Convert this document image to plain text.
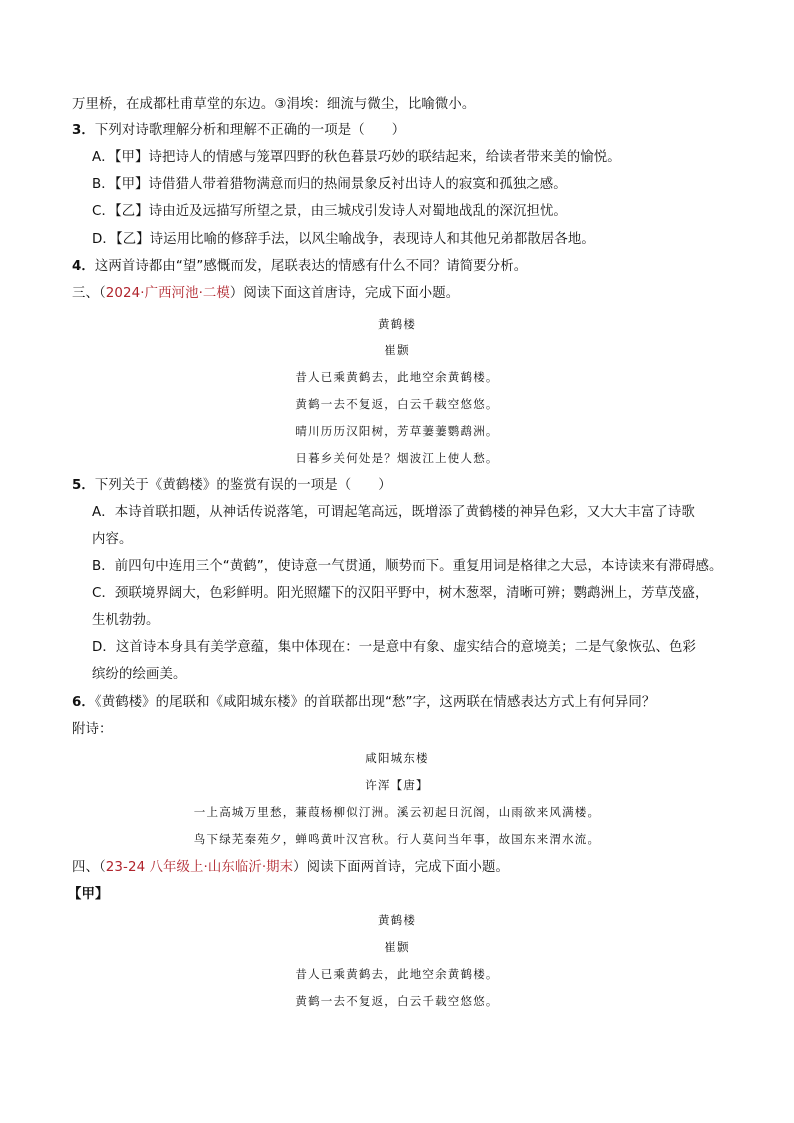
万里桥，在成都杜甫草堂的东边。③涓埃：细流与微尘，比喻微小。
3．下列对诗歌理解分析和理解不正确的一项是（　　）
A．【甲】诗把诗人的情感与笼罩四野的秋色暮景巧妙的联结起来，给读者带来美的愉悦。
B．【甲】诗借猎人带着猎物满意而归的热闹景象反衬出诗人的寂寞和孤独之感。
C．【乙】诗由近及远描写所望之景，由三城戍引发诗人对蜀地战乱的深沉担忧。
D．【乙】诗运用比喻的修辞手法，以风尘喻战争，表现诗人和其他兄弟都散居各地。
4．这两首诗都由“望”感慨而发，尾联表达的情感有什么不同？请简要分析。
三、（2024·广西河池·二模）阅读下面这首唐诗，完成下面小题。
黄鹤楼
崔颢
昔人已乘黄鹤去，此地空余黄鹤楼。
黄鹤一去不复返，白云千载空悠悠。
晴川历历汉阳树，芳草萋萋鹦鹉洲。
日暮乡关何处是？烟波江上使人愁。
5．下列关于《黄鹤楼》的鉴赏有误的一项是（　　）
A．本诗首联扣题，从神话传说落笔，可谓起笔高远，既增添了黄鹤楼的神异色彩，又大大丰富了诗歌
内容。
B．前四句中连用三个“黄鹤”，使诗意一气贯通，顺势而下。重复用词是格律之大忌，本诗读来有滞碍感。
C．颈联境界阔大，色彩鲜明。阳光照耀下的汉阳平野中，树木葱翠，清晰可辨；鹦鹉洲上，芳草茂盛，
生机勃勃。
D．这首诗本身具有美学意蕴，集中体现在：一是意中有象、虚实结合的意境美；二是气象恢弘、色彩
缤纷的绘画美。
6．《黄鹤楼》的尾联和《咸阳城东楼》的首联都出现“愁”字，这两联在情感表达方式上有何异同？
附诗：
咸阳城东楼
许浑【唐】
一上高城万里愁，蒹葭杨柳似汀洲。溪云初起日沉阁，山雨欲来风满楼。
鸟下绿芜秦苑夕，蝉鸣黄叶汉宫秋。行人莫问当年事，故国东来渭水流。
四、（23-24 八年级上·山东临沂·期末）阅读下面两首诗，完成下面小题。
【甲】
黄鹤楼
崔颢
昔人已乘黄鹤去，此地空余黄鹤楼。
黄鹤一去不复返，白云千载空悠悠。
